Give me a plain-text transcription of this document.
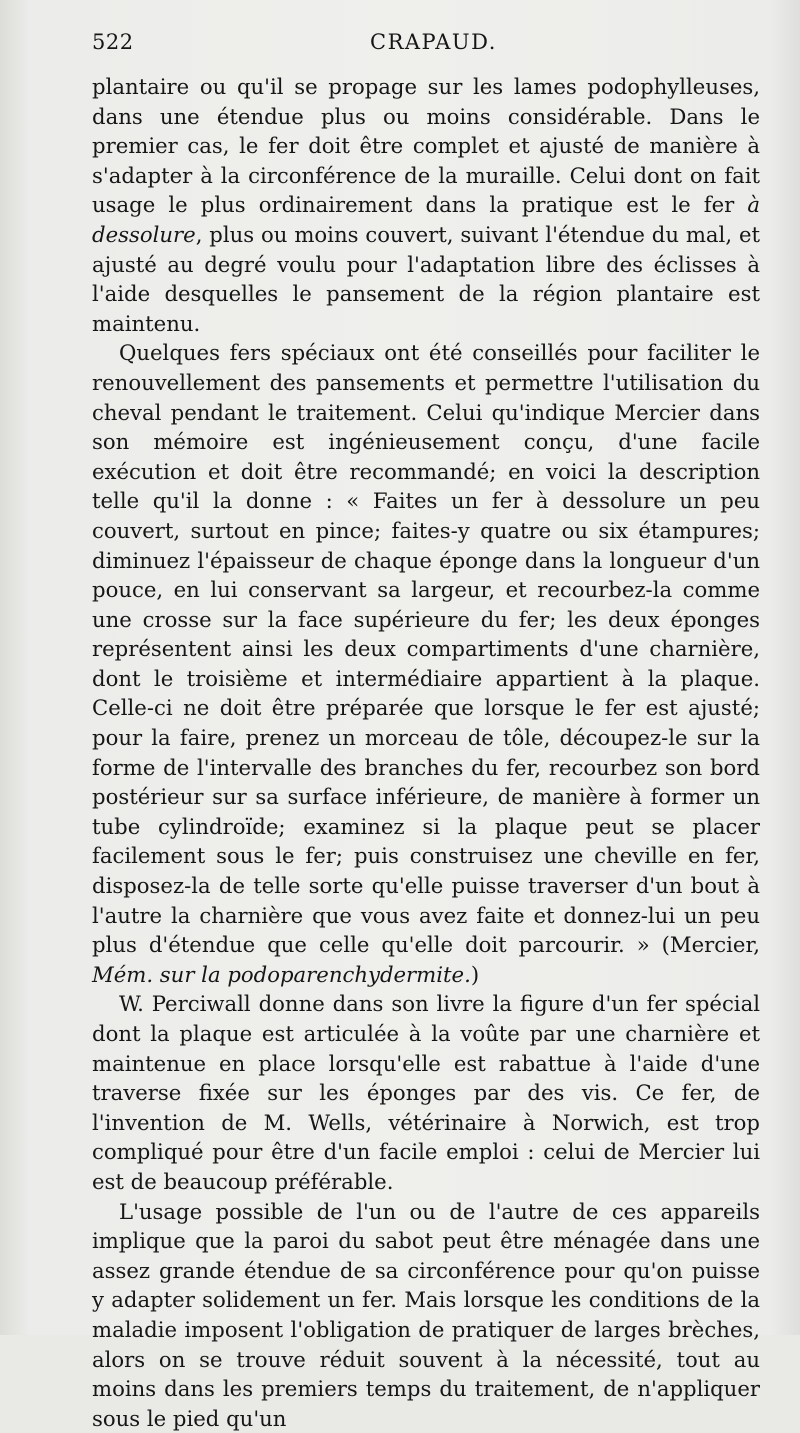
522	CRAPAUD.

plantaire ou qu'il se propage sur les lames podophylleuses, dans une étendue plus ou moins considérable. Dans le premier cas, le fer doit être complet et ajusté de manière à s'adapter à la circonférence de la muraille. Celui dont on fait usage le plus ordinairement dans la pratique est le fer à dessolure, plus ou moins couvert, suivant l'étendue du mal, et ajusté au degré voulu pour l'adaptation libre des éclisses à l'aide desquelles le pansement de la région plantaire est maintenu.

Quelques fers spéciaux ont été conseillés pour faciliter le renouvellement des pansements et permettre l'utilisation du cheval pendant le traitement. Celui qu'indique Mercier dans son mémoire est ingénieusement conçu, d'une facile exécution et doit être recommandé; en voici la description telle qu'il la donne : « Faites un fer à dessolure un peu couvert, surtout en pince; faites-y quatre ou six étampures; diminuez l'épaisseur de chaque éponge dans la longueur d'un pouce, en lui conservant sa largeur, et recourbez-la comme une crosse sur la face supérieure du fer; les deux éponges représentent ainsi les deux compartiments d'une charnière, dont le troisième et intermédiaire appartient à la plaque. Celle-ci ne doit être préparée que lorsque le fer est ajusté; pour la faire, prenez un morceau de tôle, découpez-le sur la forme de l'intervalle des branches du fer, recourbez son bord postérieur sur sa surface inférieure, de manière à former un tube cylindroïde; examinez si la plaque peut se placer facilement sous le fer; puis construisez une cheville en fer, disposez-la de telle sorte qu'elle puisse traverser d'un bout à l'autre la charnière que vous avez faite et donnez-lui un peu plus d'étendue que celle qu'elle doit parcourir. » (Mercier, Mém. sur la podoparenchydermite.)

W. Perciwall donne dans son livre la figure d'un fer spécial dont la plaque est articulée à la voûte par une charnière et maintenue en place lorsqu'elle est rabattue à l'aide d'une traverse fixée sur les éponges par des vis. Ce fer, de l'invention de M. Wells, vétérinaire à Norwich, est trop compliqué pour être d'un facile emploi : celui de Mercier lui est de beaucoup préférable.

L'usage possible de l'un ou de l'autre de ces appareils implique que la paroi du sabot peut être ménagée dans une assez grande étendue de sa circonférence pour qu'on puisse y adapter solidement un fer. Mais lorsque les conditions de la maladie imposent l'obligation de pratiquer de larges brèches, alors on se trouve réduit souvent à la nécessité, tout au moins dans les premiers temps du traitement, de n'appliquer sous le pied qu'un
